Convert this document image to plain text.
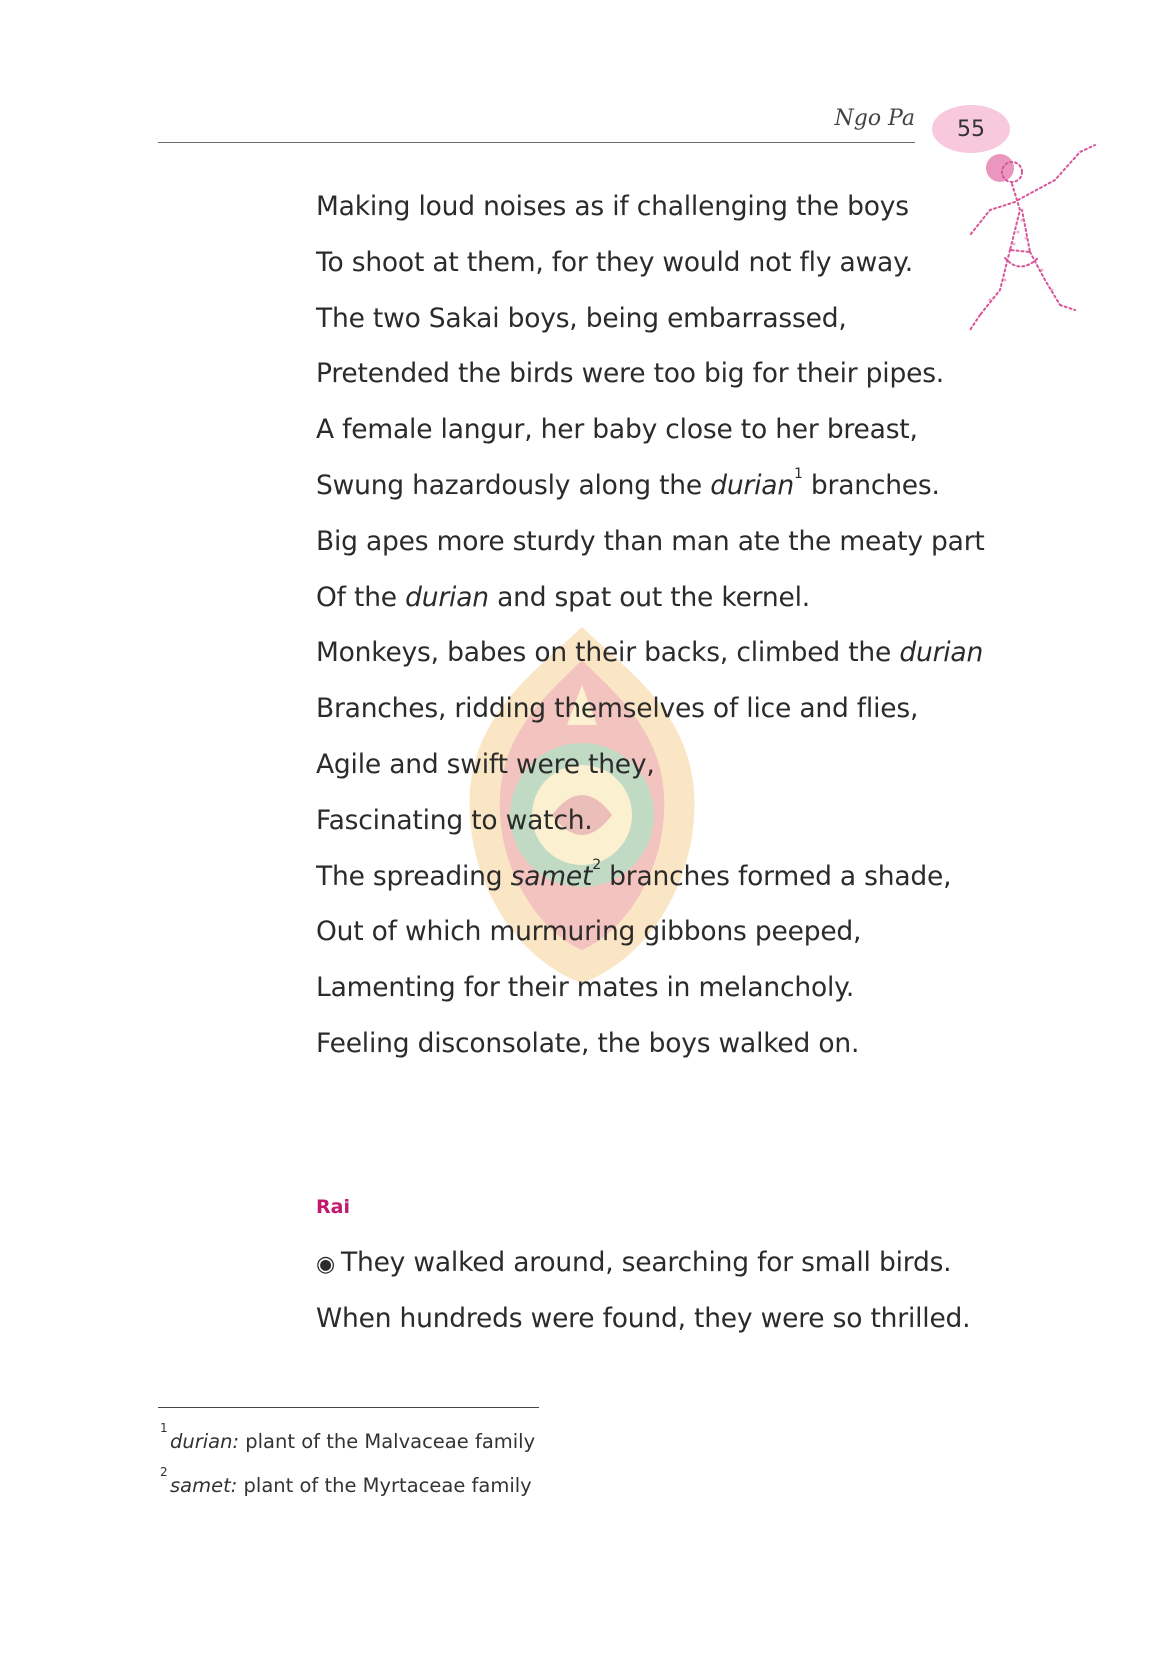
Ngo Pa 55
Making loud noises as if challenging the boys
To shoot at them, for they would not fly away.
The two Sakai boys, being embarrassed,
Pretended the birds were too big for their pipes.
A female langur, her baby close to her breast,
Swung hazardously along the durian$^1$ branches.
Big apes more sturdy than man ate the meaty part
Of the durian and spat out the kernel.
Monkeys, babes on their backs, climbed the durian
Branches, ridding themselves of lice and flies,
Agile and swift were they,
Fascinating to watch.
The spreading samet$^2$ branches formed a shade,
Out of which murmuring gibbons peeped,
Lamenting for their mates in melancholy.
Feeling disconsolate, the boys walked on.
Rai
◉ They walked around, searching for small birds.
When hundreds were found, they were so thrilled.
1
durian: plant of the Malvaceae family
2
samet: plant of the Myrtaceae family
